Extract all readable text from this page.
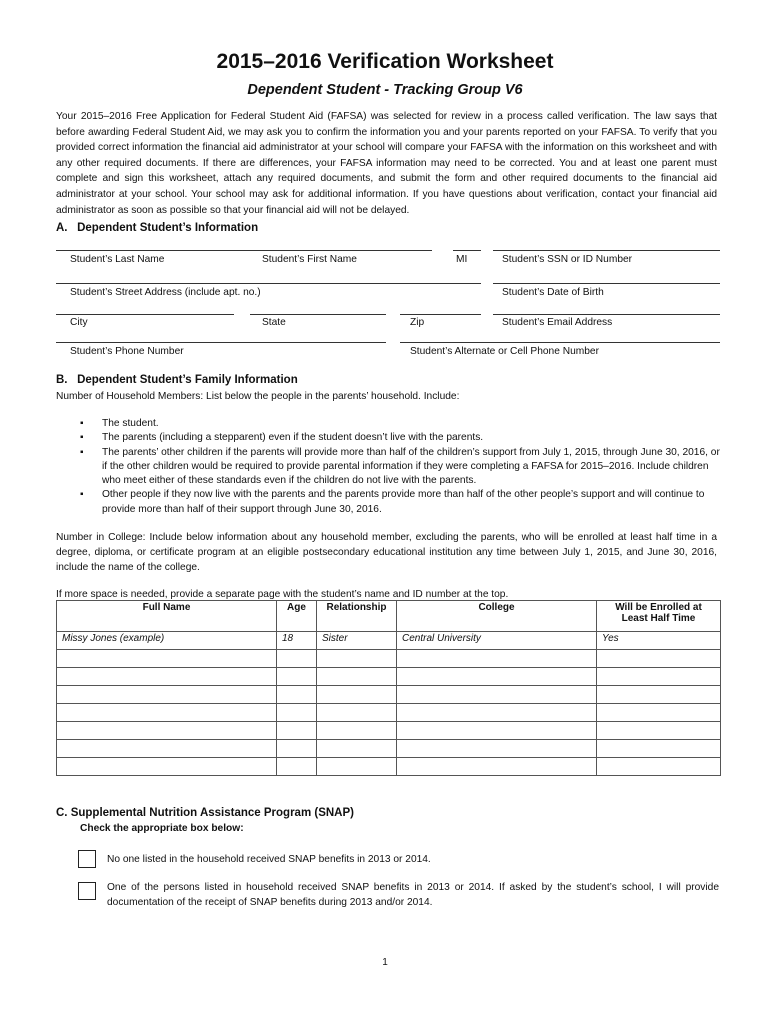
2015–2016 Verification Worksheet
Dependent Student - Tracking Group V6
Your 2015–2016 Free Application for Federal Student Aid (FAFSA) was selected for review in a process called verification. The law says that before awarding Federal Student Aid, we may ask you to confirm the information you and your parents reported on your FAFSA. To verify that you provided correct information the financial aid administrator at your school will compare your FAFSA with the information on this worksheet and with any other required documents. If there are differences, your FAFSA information may need to be corrected. You and at least one parent must complete and sign this worksheet, attach any required documents, and submit the form and other required documents to the financial aid administrator at your school. Your school may ask for additional information. If you have questions about verification, contact your financial aid administrator as soon as possible so that your financial aid will not be delayed.
A.   Dependent Student’s Information
Student’s Last Name	Student’s First Name	MI	Student’s SSN or ID Number
Student’s Street Address (include apt. no.)	Student’s Date of Birth
City	State	Zip	Student’s Email Address
Student’s Phone Number	Student’s Alternate or Cell Phone Number
B.   Dependent Student’s Family Information
Number of Household Members: List below the people in the parents’ household. Include:
▪ The student.
▪ The parents (including a stepparent) even if the student doesn’t live with the parents.
▪ The parents’ other children if the parents will provide more than half of the children’s support from July 1, 2015, through June 30, 2016, or if the other children would be required to provide parental information if they were completing a FAFSA for 2015–2016. Include children who meet either of these standards even if the children do not live with the parents.
▪ Other people if they now live with the parents and the parents provide more than half of the other people’s support and will continue to provide more than half of their support through June 30, 2016.
Number in College: Include below information about any household member, excluding the parents, who will be enrolled at least half time in a degree, diploma, or certificate program at an eligible postsecondary educational institution any time between July 1, 2015, and June 30, 2016, include the name of the college.
If more space is needed, provide a separate page with the student’s name and ID number at the top.
Full Name	Age	Relationship	College	Will be Enrolled at Least Half Time
Missy Jones (example)	18	Sister	Central University	Yes

C. Supplemental Nutrition Assistance Program (SNAP)
Check the appropriate box below:
No one listed in the household received SNAP benefits in 2013 or 2014.
One of the persons listed in household received SNAP benefits in 2013 or 2014. If asked by the student’s school, I will provide documentation of the receipt of SNAP benefits during 2013 and/or 2014.
1
